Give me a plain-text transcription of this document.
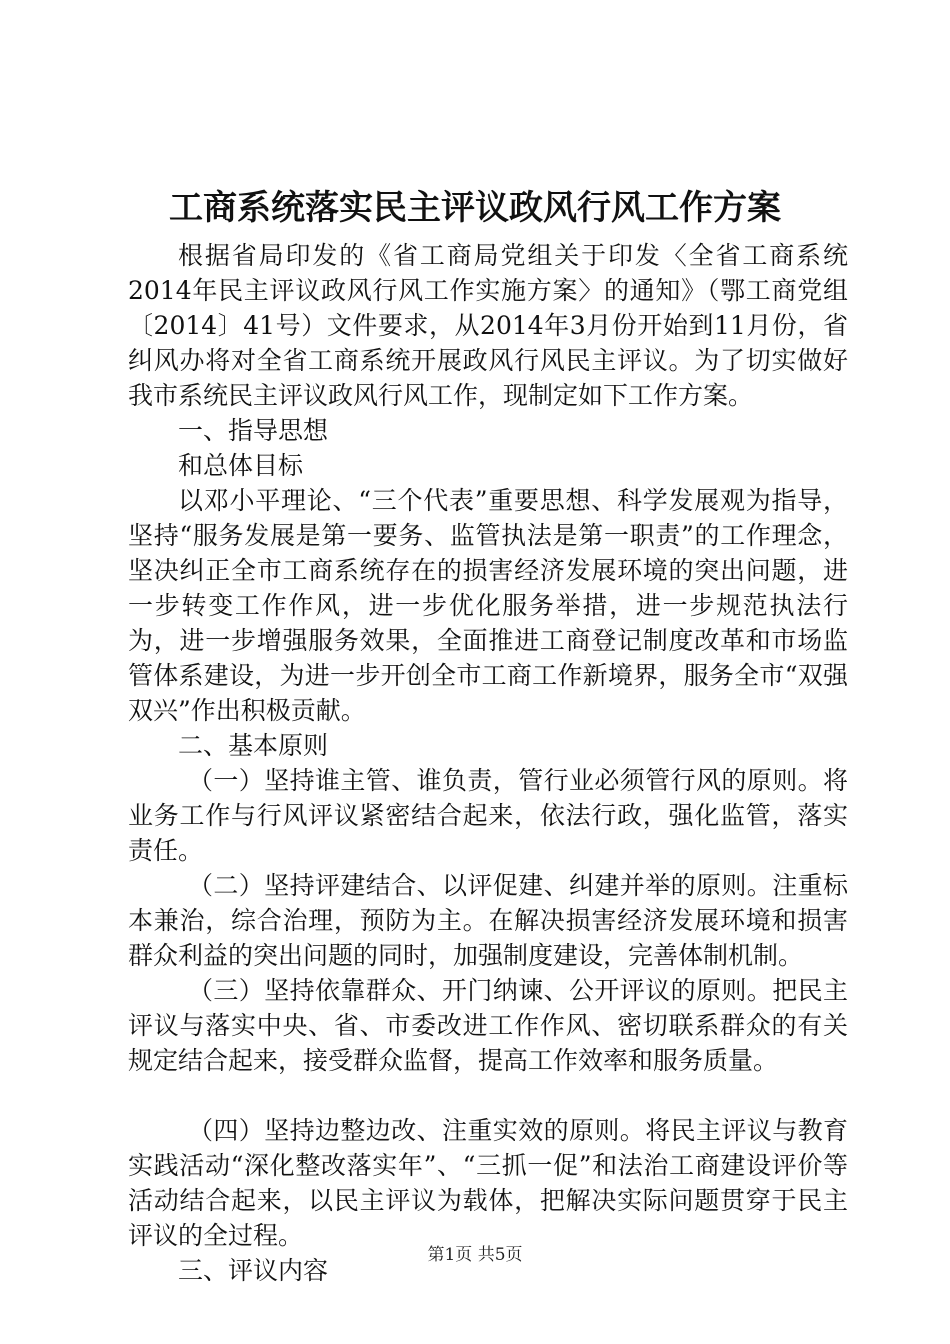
工商系统落实民主评议政风行风工作方案

根据省局印发的《省工商局党组关于印发〈全省工商系统2014年民主评议政风行风工作实施方案〉的通知》（鄂工商党组〔2014〕41号）文件要求，从2014年3月份开始到11月份，省纠风办将对全省工商系统开展政风行风民主评议。为了切实做好我市系统民主评议政风行风工作，现制定如下工作方案。

一、指导思想

和总体目标

以邓小平理论、“三个代表”重要思想、科学发展观为指导，坚持“服务发展是第一要务、监管执法是第一职责”的工作理念，坚决纠正全市工商系统存在的损害经济发展环境的突出问题，进一步转变工作作风，进一步优化服务举措，进一步规范执法行为，进一步增强服务效果，全面推进工商登记制度改革和市场监管体系建设，为进一步开创全市工商工作新境界，服务全市“双强双兴”作出积极贡献。

二、基本原则

（一）坚持谁主管、谁负责，管行业必须管行风的原则。将业务工作与行风评议紧密结合起来，依法行政，强化监管，落实责任。

（二）坚持评建结合、以评促建、纠建并举的原则。注重标本兼治，综合治理，预防为主。在解决损害经济发展环境和损害群众利益的突出问题的同时，加强制度建设，完善体制机制。

（三）坚持依靠群众、开门纳谏、公开评议的原则。把民主评议与落实中央、省、市委改进工作作风、密切联系群众的有关规定结合起来，接受群众监督，提高工作效率和服务质量。

（四）坚持边整边改、注重实效的原则。将民主评议与教育实践活动“深化整改落实年”、“三抓一促”和法治工商建设评价等活动结合起来，以民主评议为载体，把解决实际问题贯穿于民主评议的全过程。

三、评议内容

第1页 共5页
